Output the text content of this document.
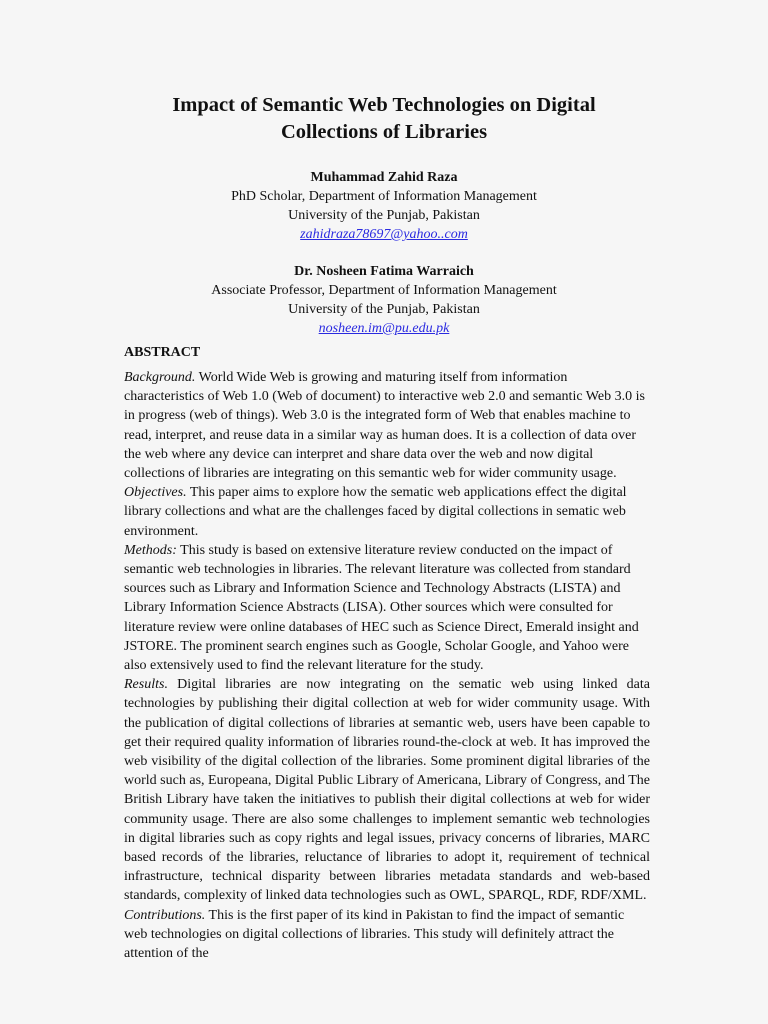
Impact of Semantic Web Technologies on Digital Collections of Libraries
Muhammad Zahid Raza
PhD Scholar, Department of Information Management
University of the Punjab, Pakistan
zahidraza78697@yahoo..com
Dr. Nosheen Fatima Warraich
Associate Professor, Department of Information Management
University of the Punjab, Pakistan
nosheen.im@pu.edu.pk
ABSTRACT

Background. World Wide Web is growing and maturing itself from information characteristics of Web 1.0 (Web of document) to interactive web 2.0 and semantic Web 3.0 is in progress (web of things). Web 3.0 is the integrated form of Web that enables machine to read, interpret, and reuse data in a similar way as human does. It is a collection of data over the web where any device can interpret and share data over the web and now digital collections of libraries are integrating on this semantic web for wider community usage.

Objectives. This paper aims to explore how the sematic web applications effect the digital library collections and what are the challenges faced by digital collections in sematic web environment.

Methods: This study is based on extensive literature review conducted on the impact of semantic web technologies in libraries. The relevant literature was collected from standard sources such as Library and Information Science and Technology Abstracts (LISTA) and Library Information Science Abstracts (LISA). Other sources which were consulted for literature review were online databases of HEC such as Science Direct, Emerald insight and JSTORE. The prominent search engines such as Google, Scholar Google, and Yahoo were also extensively used to find the relevant literature for the study.

Results. Digital libraries are now integrating on the sematic web using linked data technologies by publishing their digital collection at web for wider community usage. With the publication of digital collections of libraries at semantic web, users have been capable to get their required quality information of libraries round-the-clock at web. It has improved the web visibility of the digital collection of the libraries. Some prominent digital libraries of the world such as, Europeana, Digital Public Library of Americana, Library of Congress, and The British Library have taken the initiatives to publish their digital collections at web for wider community usage. There are also some challenges to implement semantic web technologies in digital libraries such as copy rights and legal issues, privacy concerns of libraries, MARC based records of the libraries, reluctance of libraries to adopt it, requirement of technical infrastructure, technical disparity between libraries metadata standards and web-based standards, complexity of linked data technologies such as OWL, SPARQL, RDF, RDF/XML.

Contributions. This is the first paper of its kind in Pakistan to find the impact of semantic web technologies on digital collections of libraries. This study will definitely attract the attention of the
